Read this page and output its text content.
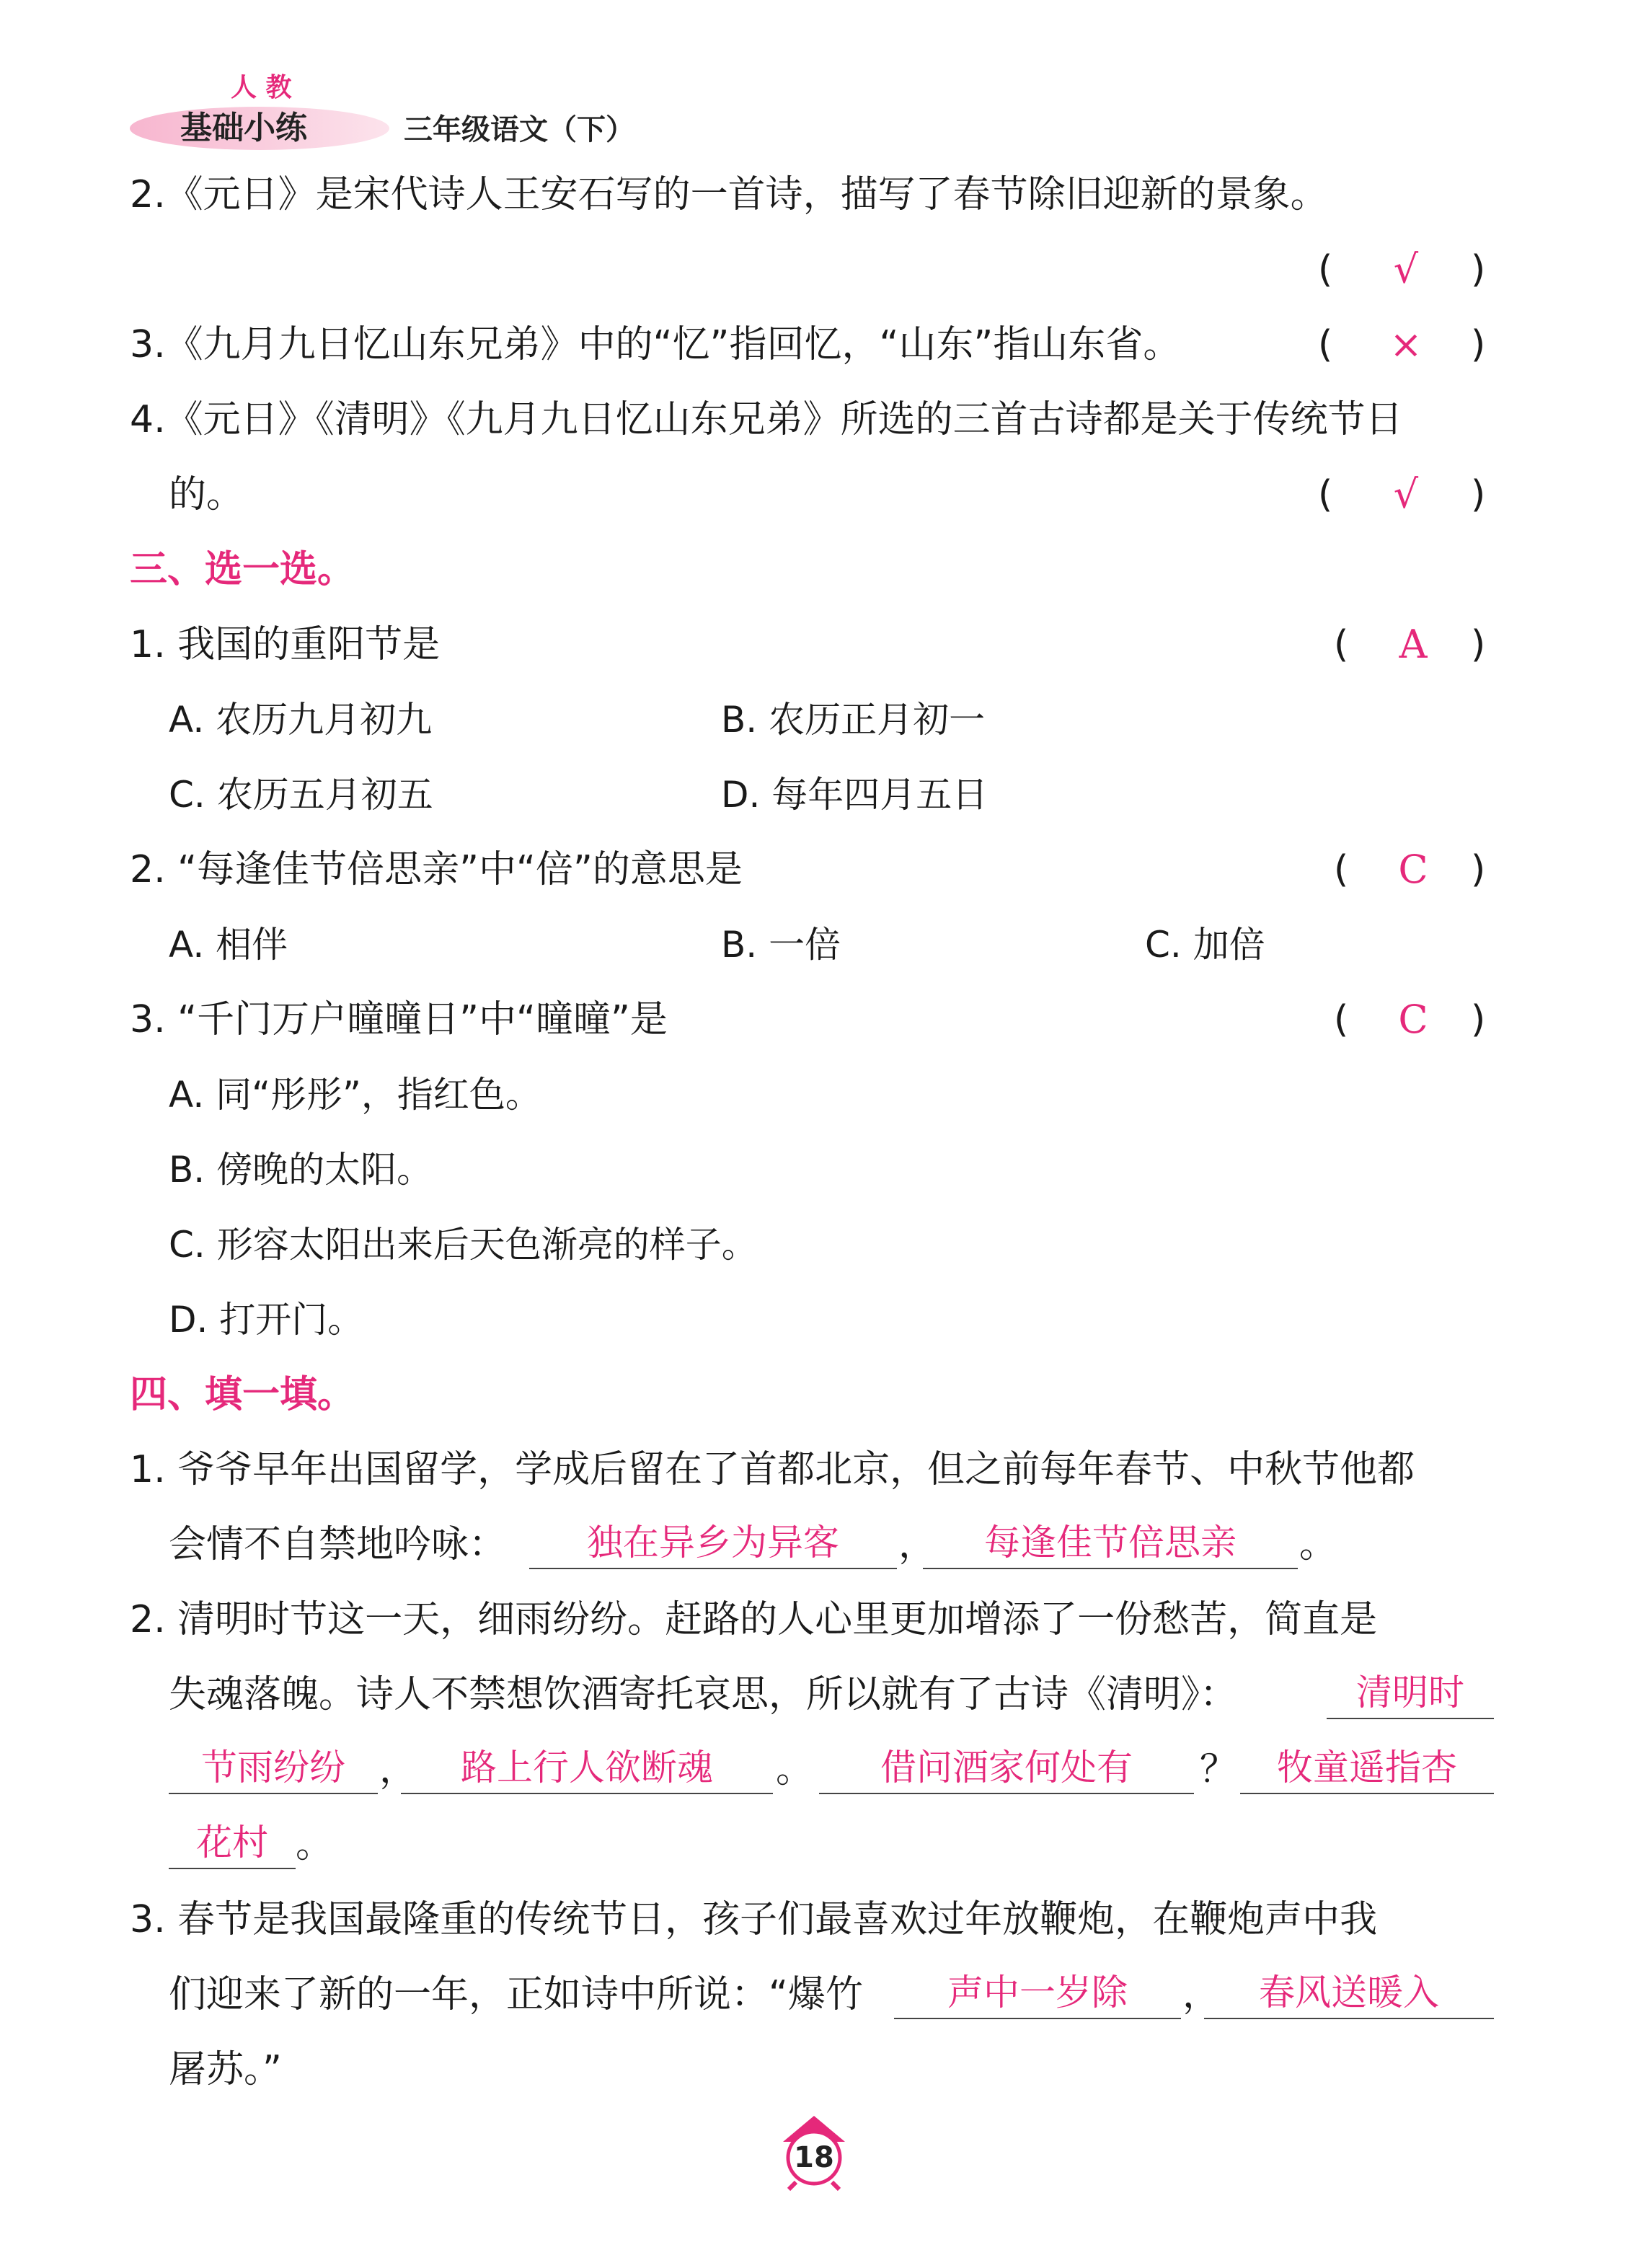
人 教
基础小练	三年级语文（下）
2.《元日》是宋代诗人王安石写的一首诗，描写了春节除旧迎新的景象。
(	√	)
3.《九月九日忆山东兄弟》中的“忆”指回忆，“山东”指山东省。	(	×	)
4.《元日》《清明》《九月九日忆山东兄弟》所选的三首古诗都是关于传统节日
的。	(	√	)
三、选一选。
1. 我国的重阳节是	(	A	)
A. 农历九月初九	B. 农历正月初一
C. 农历五月初五	D. 每年四月五日
2. “每逢佳节倍思亲”中“倍”的意思是	(	C	)
A. 相伴	B. 一倍	C. 加倍
3. “千门万户曈曈日”中“曈曈”是	(	C	)
A. 同“彤彤”，指红色。
B. 傍晚的太阳。
C. 形容太阳出来后天色渐亮的样子。
D. 打开门。
四、填一填。
1. 爷爷早年出国留学，学成后留在了首都北京，但之前每年春节、中秋节他都
会情不自禁地吟咏：	独在异乡为异客	，	每逢佳节倍思亲	。
2. 清明时节这一天，细雨纷纷。赶路的人心里更加增添了一份愁苦，简直是
失魂落魄。诗人不禁想饮酒寄托哀思，所以就有了古诗《清明》：	清明时
节雨纷纷 ，	路上行人欲断魂	。	借问酒家何处有	？	牧童遥指杏
花村 。
3. 春节是我国最隆重的传统节日，孩子们最喜欢过年放鞭炮，在鞭炮声中我
们迎来了新的一年，正如诗中所说：“爆竹	声中一岁除	，	春风送暖入
屠苏。”
18
